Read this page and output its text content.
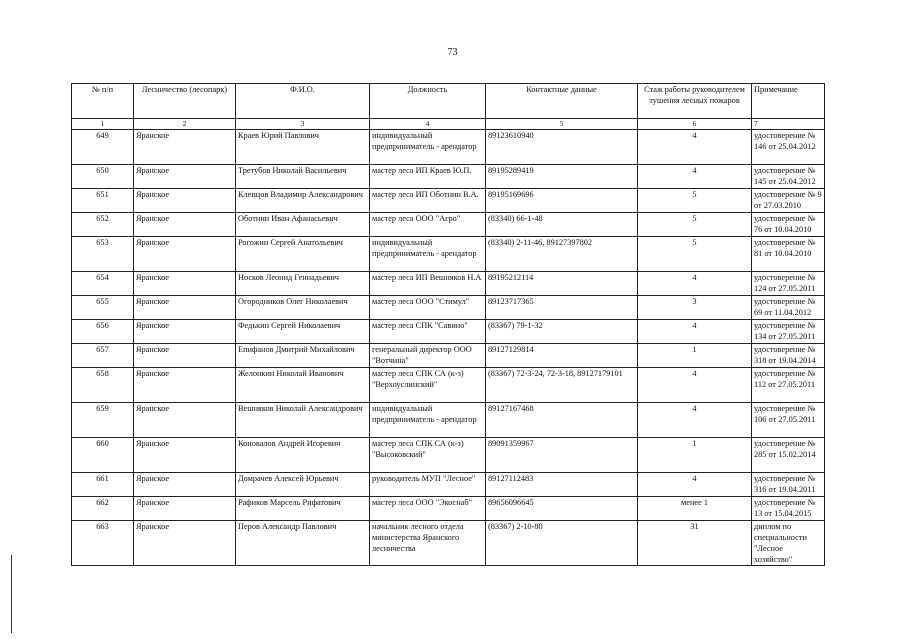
73
№ п/п	Лесничество (лесопарк)	Ф.И.О.	Должность	Контактные данные	Стаж работы руководителем тушения лесных пожаров	Примечание
1	2	3	4	5	6	7
649	Яранское	Краев Юрий Павлович	индивидуальный предприниматель - арендатор	89123610940	4	удостоверение № 146 от 25.04.2012
650	Яранское	Третубов Николай Васильевич	мастер леса ИП Краев Ю.П.	89195289419	4	удостоверение № 145 от 25.04.2012
651	Яранское	Клепцов Владимир Александрович	мастер леса ИП Оботнин В.А.	89195169696	5	удостоверение № 9 от 27.03.2010
652	Яранское	Оботнин Иван Афанасьевич	мастер леса ООО "Агро"	(83340) 66-1-48	5	удостоверение № 76 от 10.04.2010
653	Яранское	Рогожин Сергей Анатольевич	индивидуальный предприниматель - арендатор	(83340) 2-11-46, 89127397802	5	удостоверение № 81 от 10.04.2010
654	Яранское	Носков Леонид Геннадьевич	мастер леса ИП Вешняков Н.А	89195212114	4	удостоверение № 124 от 27.05.2011
655	Яранское	Огородников Олег Николаевич	мастер леса ООО "Стимул"	89123717365	3	удостоверение № 69 от 11.04.2012
656	Яранское	Федькин Сергей Николаевич	мастер леса СПК "Савино"	(83367) 79-1-32	4	удостоверение № 134 от 27.05.2011
657	Яранское	Епифанов Дмитрий Михайлович	генеральный директор ООО "Вотчина"	89127129814	1	удостоверение № 318 от 19.04.2014
658	Яранское	Желонкин Николай Иванович	мастер леса СПК СА (к-з) "Верхоуслинский"	(83367) 72-3-24, 72-3-18, 89127179101	4	удостоверение № 112 от 27.05.2011
659	Яранское	Вешняков Николай Александрович	индивидуальный предприниматель - арендатор	89127167468	4	удостоверение № 106 от 27.05.2011
660	Яранское	Коновалов Андрей Игоревич	мастер леса СПК СА (к-з) "Высоковский"	89091359967	1	удостоверение № 285 от 15.02.2014
661	Яранское	Домрачев Алексей Юрьевич	руководитель МУП "Лесное"	89127112483	4	удостоверение № 316 от 19.04.2011
662	Яранское	Рафиков Марсель Рифатович	мастер леса ООО "Экоснаб"	89656096645	менее 1	удостоверение № 13 от 15.04.2015
663	Яранское	Перов Александр Павлович	начальник лесного отдела министерства Яранского лесничества	(83367) 2-10-80	31	диплом по специальности "Лесное хозяйство"
